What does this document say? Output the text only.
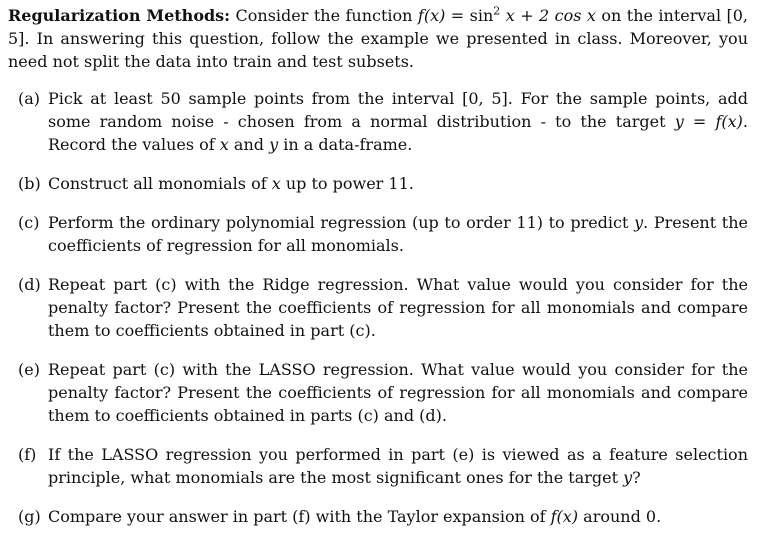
Regularization Methods: Consider the function $f(x) = \sin^2 x + 2$ cos x on the interval [0, 5]. In answering this question, follow the example we presented in class. Moreover, you need not split the data into train and test subsets.

(a) Pick at least 50 sample points from the interval [0, 5]. For the sample points, add some random noise - chosen from a normal distribution - to the target y = f(x). Record the values of x and y in a data-frame.
(b) Construct all monomials of x up to power 11.
(c) Perform the ordinary polynomial regression (up to order 11) to predict y. Present the coefficients of regression for all monomials.
(d) Repeat part (c) with the Ridge regression. What value would you consider for the penalty factor? Present the coefficients of regression for all monomials and compare them to coefficients obtained in part (c).
(e) Repeat part (c) with the LASSO regression. What value would you consider for the penalty factor? Present the coefficients of regression for all monomials and compare them to coefficients obtained in parts (c) and (d).
(f) If the LASSO regression you performed in part (e) is viewed as a feature selection principle, what monomials are the most significant ones for the target y?
(g) Compare your answer in part (f) with the Taylor expansion of f(x) around 0.
